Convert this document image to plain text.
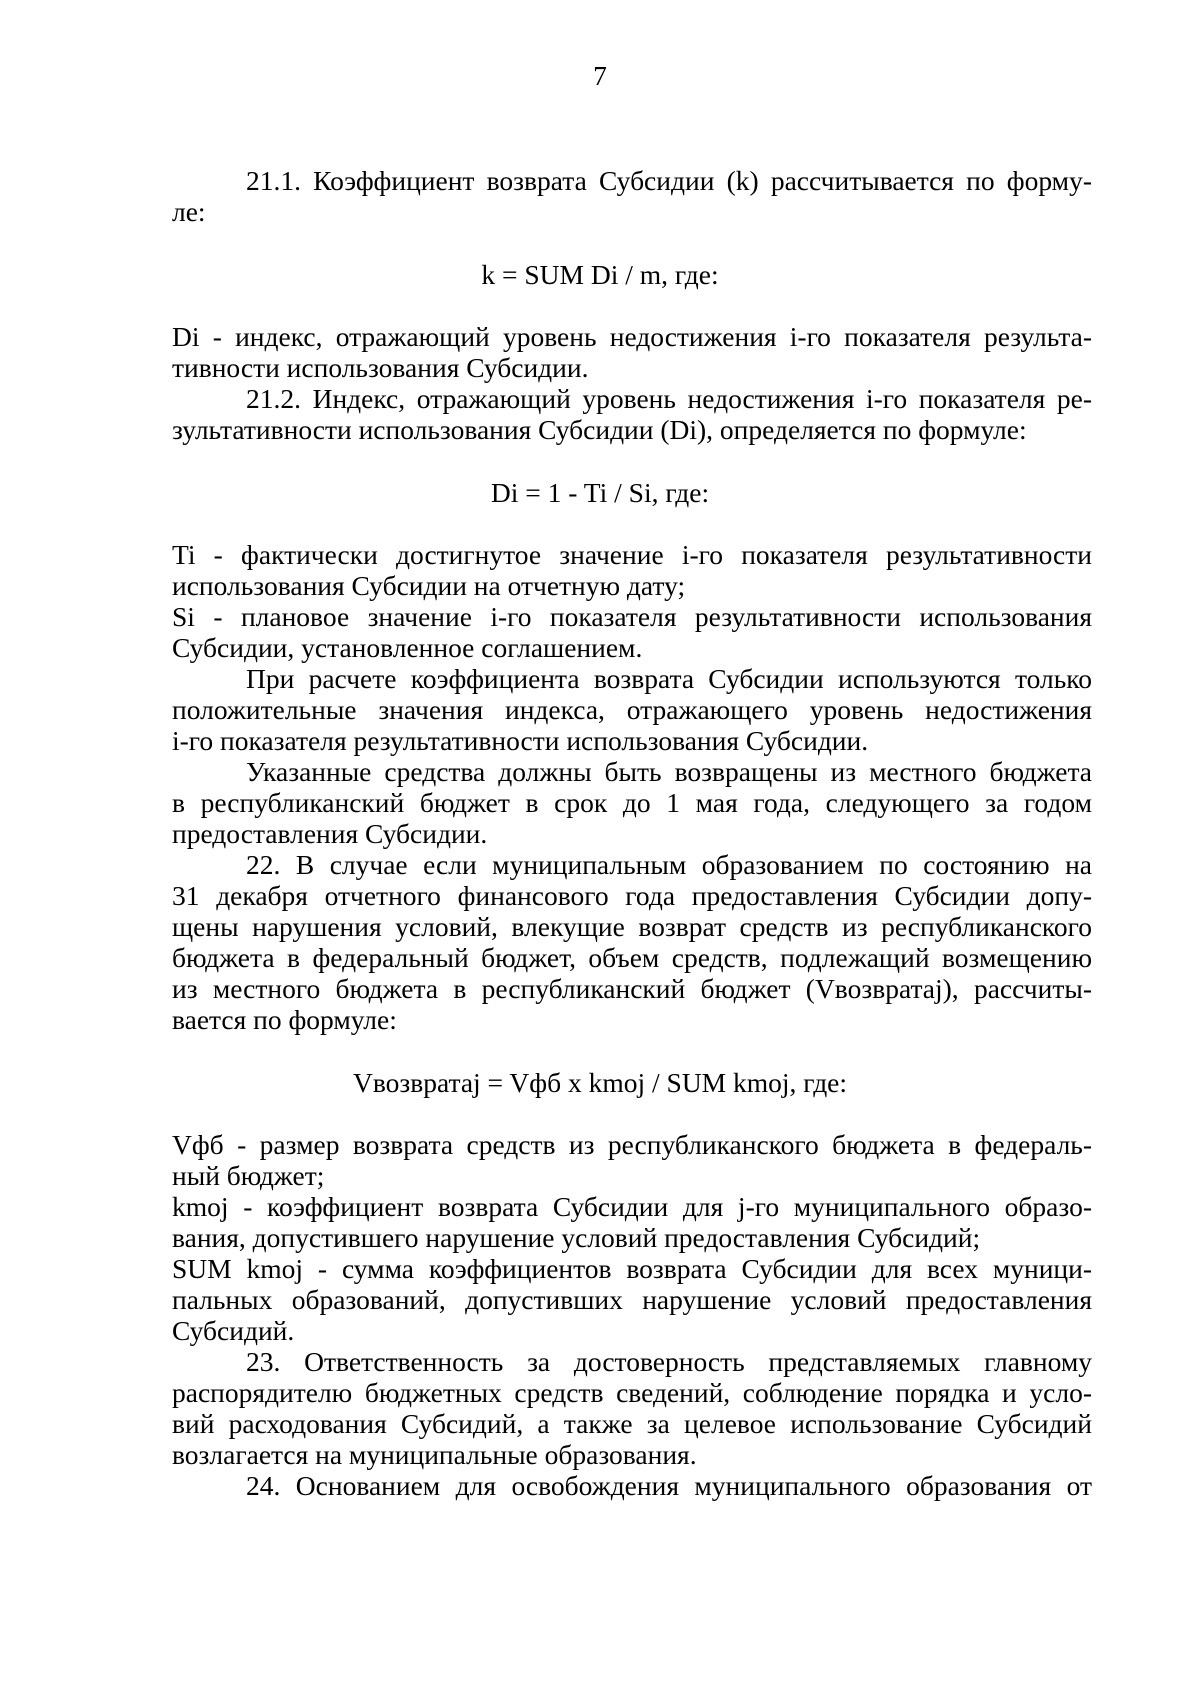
7
21.1. Коэффициент возврата Субсидии (k) рассчитывается по форму-
ле:
k = SUM Di / m, где:
Di - индекс, отражающий уровень недостижения i-го показателя результа-
тивности использования Субсидии.
21.2. Индекс, отражающий уровень недостижения i-го показателя ре-
зультативности использования Субсидии (Di), определяется по формуле:
Di = 1 - Ti / Si, где:
Ti - фактически достигнутое значение i-го показателя результативности
использования Субсидии на отчетную дату;
Si - плановое значение i-го показателя результативности использования
Субсидии, установленное соглашением.
При расчете коэффициента возврата Субсидии используются только
положительные значения индекса, отражающего уровень недостижения
i-го показателя результативности использования Субсидии.
Указанные средства должны быть возвращены из местного бюджета
в республиканский бюджет в срок до 1 мая года, следующего за годом
предоставления Субсидии.
22. В случае если муниципальным образованием по состоянию на
31 декабря отчетного финансового года предоставления Субсидии допу-
щены нарушения условий, влекущие возврат средств из республиканского
бюджета в федеральный бюджет, объем средств, подлежащий возмещению
из местного бюджета в республиканский бюджет (Vвозвратаj), рассчиты-
вается по формуле:
Vвозвратаj = Vфб x kmoj / SUM kmoj, где:
Vфб - размер возврата средств из республиканского бюджета в федераль-
ный бюджет;
kmoj - коэффициент возврата Субсидии для j-го муниципального образо-
вания, допустившего нарушение условий предоставления Субсидий;
SUM kmoj - сумма коэффициентов возврата Субсидии для всех муници-
пальных образований, допустивших нарушение условий предоставления
Субсидий.
23. Ответственность за достоверность представляемых главному
распорядителю бюджетных средств сведений, соблюдение порядка и усло-
вий расходования Субсидий, а также за целевое использование Субсидий
возлагается на муниципальные образования.
24. Основанием для освобождения муниципального образования от
